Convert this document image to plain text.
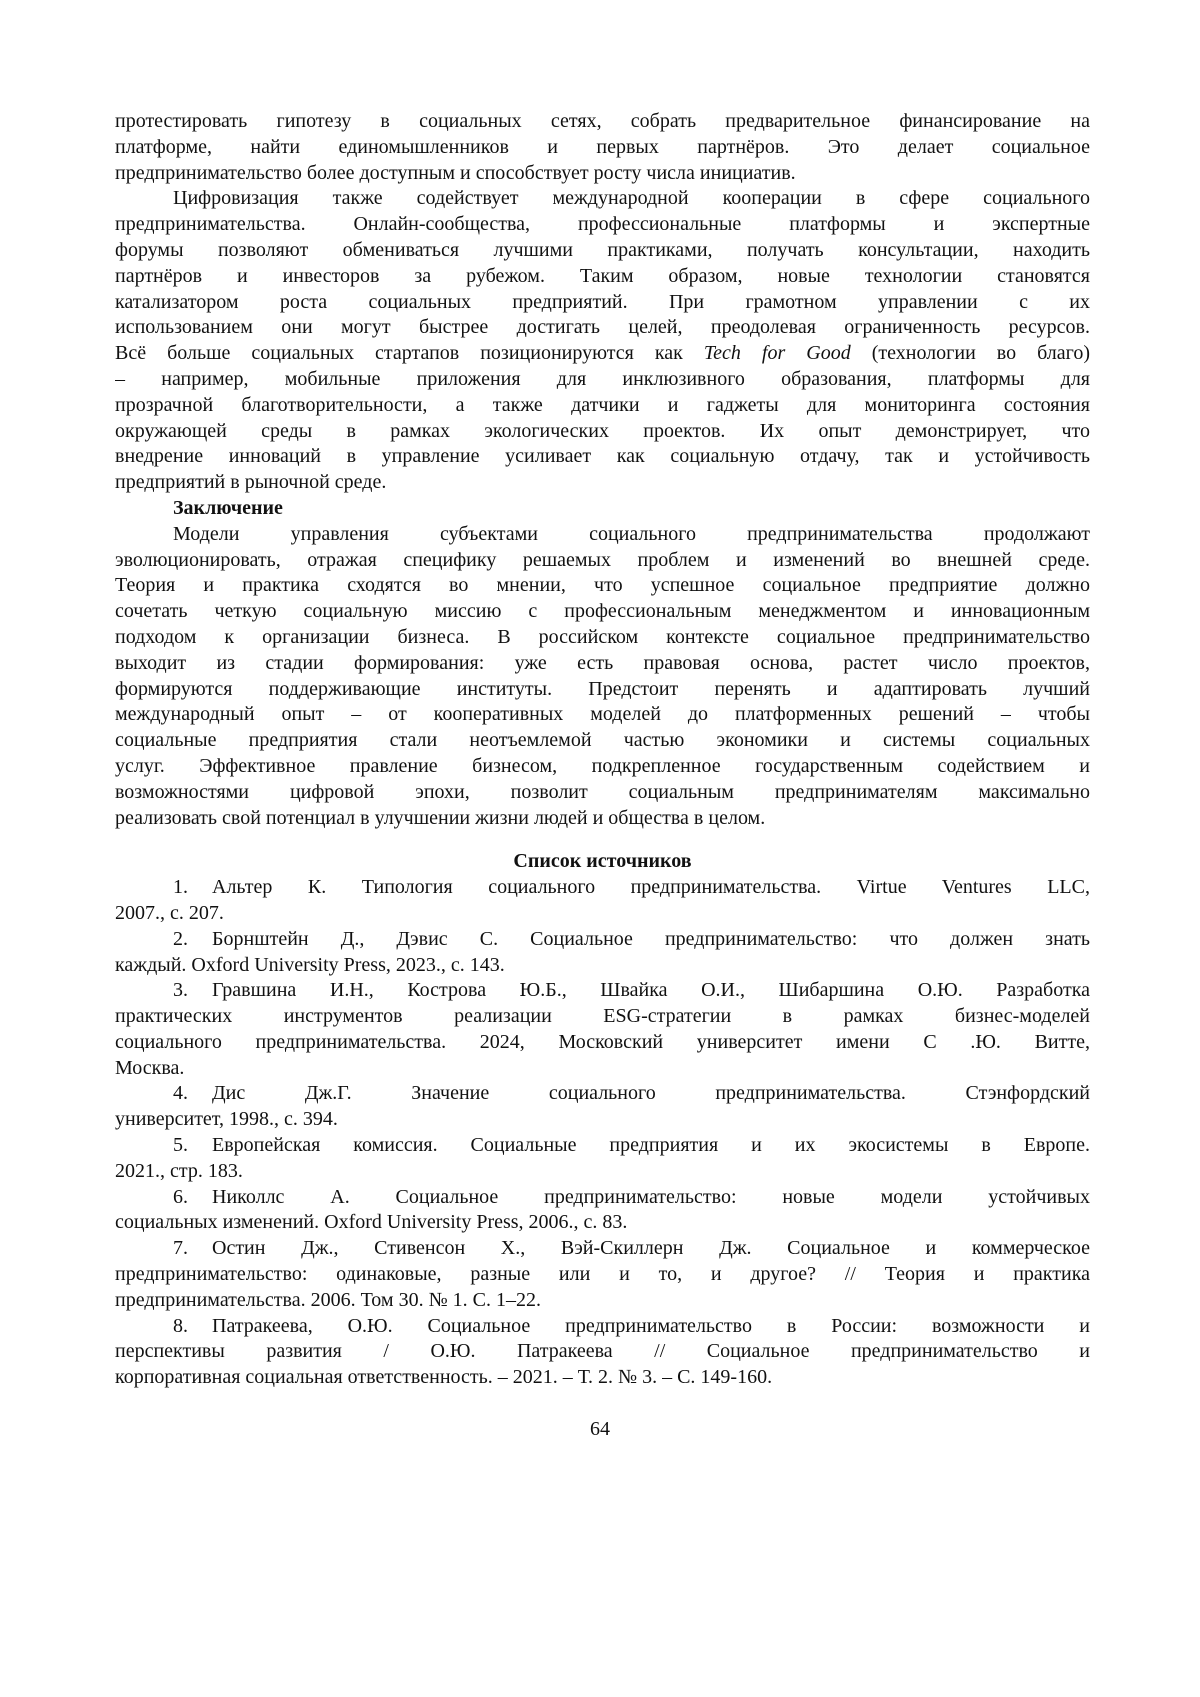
протестировать гипотезу в социальных сетях, собрать предварительное финансирование на
платформе, найти единомышленников и первых партнёров. Это делает социальное
предпринимательство более доступным и способствует росту числа инициатив.
Цифровизация также содействует международной кооперации в сфере социального
предпринимательства. Онлайн-сообщества, профессиональные платформы и экспертные
форумы позволяют обмениваться лучшими практиками, получать консультации, находить
партнёров и инвесторов за рубежом. Таким образом, новые технологии становятся
катализатором роста социальных предприятий. При грамотном управлении с их
использованием они могут быстрее достигать целей, преодолевая ограниченность ресурсов.
Всё больше социальных стартапов позиционируются как Tech for Good (технологии во благо)
– например, мобильные приложения для инклюзивного образования, платформы для
прозрачной благотворительности, а также датчики и гаджеты для мониторинга состояния
окружающей среды в рамках экологических проектов. Их опыт демонстрирует, что
внедрение инноваций в управление усиливает как социальную отдачу, так и устойчивость
предприятий в рыночной среде.
Заключение
Модели управления субъектами социального предпринимательства продолжают
эволюционировать, отражая специфику решаемых проблем и изменений во внешней среде.
Теория и практика сходятся во мнении, что успешное социальное предприятие должно
сочетать четкую социальную миссию с профессиональным менеджментом и инновационным
подходом к организации бизнеса. В российском контексте социальное предпринимательство
выходит из стадии формирования: уже есть правовая основа, растет число проектов,
формируются поддерживающие институты. Предстоит перенять и адаптировать лучший
международный опыт – от кооперативных моделей до платформенных решений – чтобы
социальные предприятия стали неотъемлемой частью экономики и системы социальных
услуг. Эффективное правление бизнесом, подкрепленное государственным содействием и
возможностями цифровой эпохи, позволит социальным предпринимателям максимально
реализовать свой потенциал в улучшении жизни людей и общества в целом.
Список источников
1. Альтер К. Типология социального предпринимательства. Virtue Ventures LLC,
2007., с. 207.
2. Борнштейн Д., Дэвис С. Социальное предпринимательство: что должен знать
каждый. Oxford University Press, 2023., с. 143.
3. Гравшина И.Н., Кострова Ю.Б., Швайка О.И., Шибаршина О.Ю. Разработка
практических инструментов реализации ESG-стратегии в рамках бизнес-моделей
социального предпринимательства. 2024, Московский университет имени С .Ю. Витте,
Москва.
4. Дис Дж.Г. Значение социального предпринимательства. Стэнфордский
университет, 1998., с. 394.
5. Европейская комиссия. Социальные предприятия и их экосистемы в Европе.
2021., стр. 183.
6. Николлс А. Социальное предпринимательство: новые модели устойчивых
социальных изменений. Oxford University Press, 2006., с. 83.
7. Остин Дж., Стивенсон Х., Вэй-Скиллерн Дж. Социальное и коммерческое
предпринимательство: одинаковые, разные или и то, и другое? // Теория и практика
предпринимательства. 2006. Том 30. № 1. С. 1–22.
8. Патракеева, О.Ю. Социальное предпринимательство в России: возможности и
перспективы развития / О.Ю. Патракеева // Социальное предпринимательство и
корпоративная социальная ответственность. – 2021. – Т. 2. № 3. – С. 149-160.
64
